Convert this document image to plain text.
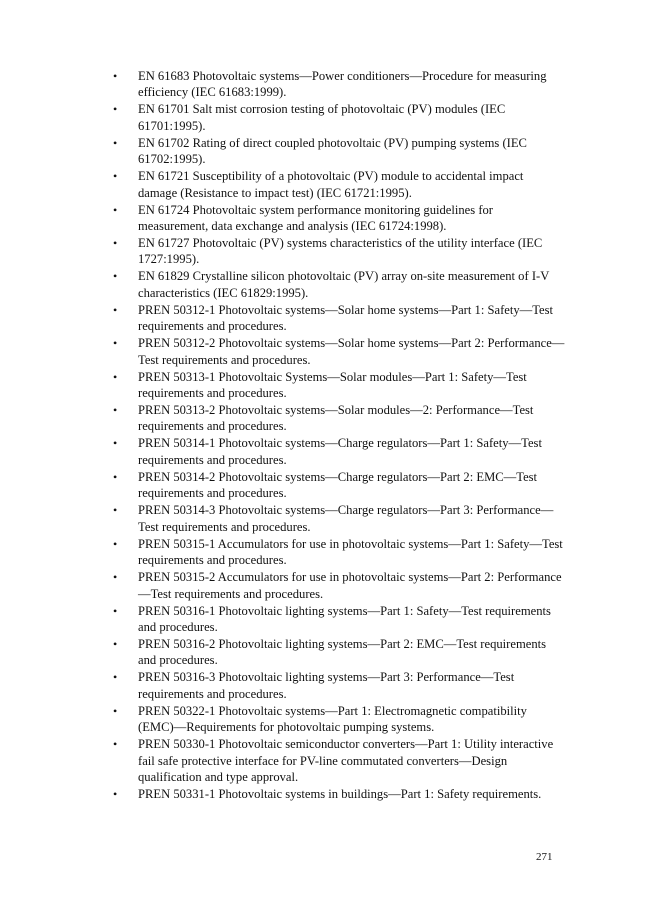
• EN 61683 Photovoltaic systems—Power conditioners—Procedure for measuring efficiency (IEC 61683:1999).
• EN 61701 Salt mist corrosion testing of photovoltaic (PV) modules (IEC 61701:1995).
• EN 61702 Rating of direct coupled photovoltaic (PV) pumping systems (IEC 61702:1995).
• EN 61721 Susceptibility of a photovoltaic (PV) module to accidental impact damage (Resistance to impact test) (IEC 61721:1995).
• EN 61724 Photovoltaic system performance monitoring guidelines for measurement, data exchange and analysis (IEC 61724:1998).
• EN 61727 Photovoltaic (PV) systems characteristics of the utility interface (IEC 1727:1995).
• EN 61829 Crystalline silicon photovoltaic (PV) array on-site measurement of I-V characteristics (IEC 61829:1995).
• PREN 50312-1 Photovoltaic systems—Solar home systems—Part 1: Safety—Test requirements and procedures.
• PREN 50312-2 Photovoltaic systems—Solar home systems—Part 2: Performance—Test requirements and procedures.
• PREN 50313-1 Photovoltaic Systems—Solar modules—Part 1: Safety—Test requirements and procedures.
• PREN 50313-2 Photovoltaic systems—Solar modules—2: Performance—Test requirements and procedures.
• PREN 50314-1 Photovoltaic systems—Charge regulators—Part 1: Safety—Test requirements and procedures.
• PREN 50314-2 Photovoltaic systems—Charge regulators—Part 2: EMC—Test requirements and procedures.
• PREN 50314-3 Photovoltaic systems—Charge regulators—Part 3: Performance—Test requirements and procedures.
• PREN 50315-1 Accumulators for use in photovoltaic systems—Part 1: Safety—Test requirements and procedures.
• PREN 50315-2 Accumulators for use in photovoltaic systems—Part 2: Performance—Test requirements and procedures.
• PREN 50316-1 Photovoltaic lighting systems—Part 1: Safety—Test requirements and procedures.
• PREN 50316-2 Photovoltaic lighting systems—Part 2: EMC—Test requirements and procedures.
• PREN 50316-3 Photovoltaic lighting systems—Part 3: Performance—Test requirements and procedures.
• PREN 50322-1 Photovoltaic systems—Part 1: Electromagnetic compatibility (EMC)—Requirements for photovoltaic pumping systems.
• PREN 50330-1 Photovoltaic semiconductor converters—Part 1: Utility interactive fail safe protective interface for PV-line commutated converters—Design qualification and type approval.
• PREN 50331-1 Photovoltaic systems in buildings—Part 1: Safety requirements.
271
